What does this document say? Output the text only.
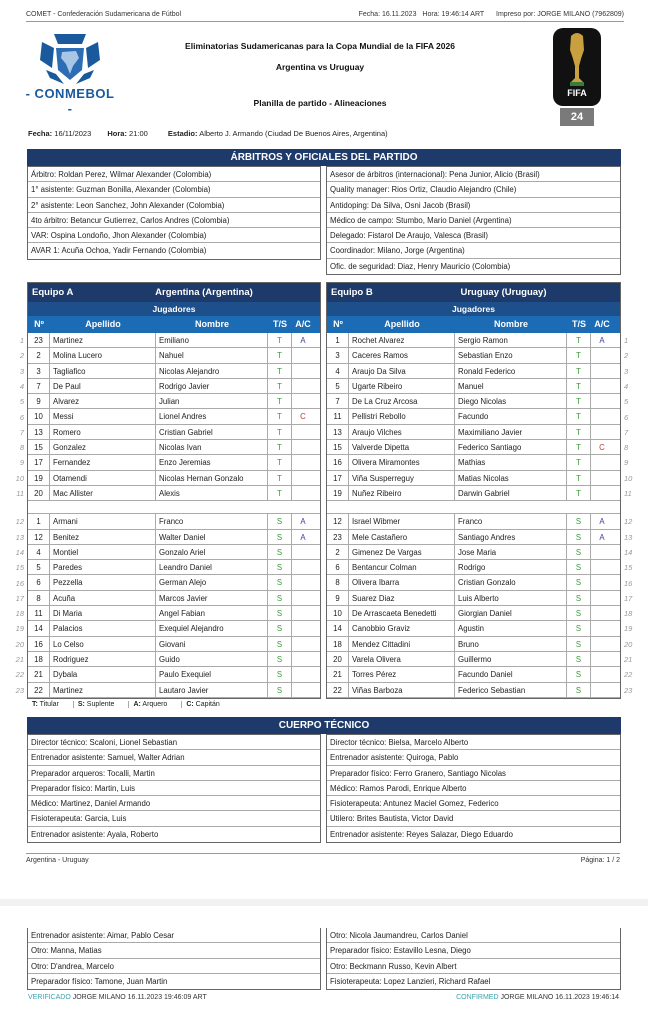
COMET - Confederación Sudamericana de Fútbol	Fecha: 16.11.2023 Hora: 19:46:14 ART Impreso por: JORGE MILANO (7962809)
- CONMEBOL -
FIFA
24
Eliminatorias Sudamericanas para la Copa Mundial de la FIFA 2026
Argentina vs Uruguay
Planilla de partido - Alineaciones
Fecha: 16/11/2023 Hora: 21:00	Estadio: Alberto J. Armando (Ciudad De Buenos Aires, Argentina)
ÁRBITROS Y OFICIALES DEL PARTIDO
Árbitro: Roldan Perez, Wilmar Alexander (Colombia)
1° asistente: Guzman Bonilla, Alexander (Colombia)
2° asistente: Leon Sanchez, John Alexander (Colombia)
4to árbitro: Betancur Gutierrez, Carlos Andres (Colombia)
VAR: Ospina Londoño, Jhon Alexander (Colombia)
AVAR 1: Acuña Ochoa, Yadir Fernando (Colombia)
Asesor de árbitros (internacional): Pena Junior, Alicio (Brasil)
Quality manager: Rios Ortiz, Claudio Alejandro (Chile)
Antidoping: Da Silva, Osni Jacob (Brasil)
Médico de campo: Stumbo, Mario Daniel (Argentina)
Delegado: Fistarol De Araujo, Valesca (Brasil)
Coordinador: Milano, Jorge (Argentina)
Ofic. de seguridad: Diaz, Henry Mauricio (Colombia)
Equipo A	Argentina (Argentina)
Jugadores
Nº	Apellido	Nombre	T/S A/C
23	Martinez	Emiliano	T	A
2	Molina Lucero	Nahuel	T
3	Tagliafico	Nicolas Alejandro	T
7	De Paul	Rodrigo Javier	T
9	Alvarez	Julian	T
10	Messi	Lionel Andres	T	C
13	Romero	Cristian Gabriel	T
15	Gonzalez	Nicolas Ivan	T
17	Fernandez	Enzo Jeremias	T
19	Otamendi	Nicolas Hernan Gonzalo	T
20	Mac Allister	Alexis	T
1	Armani	Franco	S	A
12	Benitez	Walter Daniel	S	A
4	Montiel	Gonzalo Ariel	S
5	Paredes	Leandro Daniel	S
6	Pezzella	German Alejo	S
8	Acuña	Marcos Javier	S
11	Di Maria	Angel Fabian	S
14	Palacios	Exequiel Alejandro	S
16	Lo Celso	Giovani	S
18	Rodriguez	Guido	S
21	Dybala	Paulo Exequiel	S
22	Martinez	Lautaro Javier	S
Equipo B	Uruguay (Uruguay)
Jugadores
Nº	Apellido	Nombre	T/S A/C
1	Rochet Alvarez	Sergio Ramon	T	A
3	Caceres Ramos	Sebastian Enzo	T
4	Araujo Da Silva	Ronald Federico	T
5	Ugarte Ribeiro	Manuel	T
7	De La Cruz Arcosa	Diego Nicolas	T
11	Pellistri Rebollo	Facundo	T
13	Araujo Vilches	Maximiliano Javier	T
15	Valverde Dipetta	Federico Santiago	T	C
16	Olivera Miramontes	Mathias	T
17	Viña Susperreguy	Matias Nicolas	T
19	Nuñez Ribeiro	Darwin Gabriel	T
12	Israel Wibmer	Franco	S	A
23	Mele Castañero	Santiago Andres	S	A
2	Gimenez De Vargas	Jose Maria	S
6	Bentancur Colman	Rodrigo	S
8	Olivera Ibarra	Cristian Gonzalo	S
9	Suarez Diaz	Luis Alberto	S
10	De Arrascaeta Benedetti	Giorgian Daniel	S
14	Canobbio Graviz	Agustin	S
18	Mendez Cittadini	Bruno	S
20	Varela Olivera	Guillermo	S
21	Torres Pérez	Facundo Daniel	S
22	Viñas Barboza	Federico Sebastian	S
1
2
3
4
5
6
7
8
9
10
11
12
13
14
15
16
17
18
19
20
21
22
23
1
2
3
4
5
6
7
8
9
10
11
12
13
14
15
16
17
18
19
20
21
22
23
T: Titular	S: Suplente	A: Arquero	C: Capitán
CUERPO TÉCNICO
Director técnico: Scaloni, Lionel Sebastian
Entrenador asistente: Samuel, Walter Adrian
Preparador arqueros: Tocalli, Martin
Preparador físico: Martin, Luis
Médico: Martinez, Daniel Armando
Fisioterapeuta: Garcia, Luis
Entrenador asistente: Ayala, Roberto
Director técnico: Bielsa, Marcelo Alberto
Entrenador asistente: Quiroga, Pablo
Preparador físico: Ferro Granero, Santiago Nicolas
Médico: Ramos Parodi, Enrique Alberto
Fisioterapeuta: Antunez Maciel Gomez, Federico
Utilero: Brites Bautista, Victor David
Entrenador asistente: Reyes Salazar, Diego Eduardo
Argentina - Uruguay	Página: 1 / 2
Entrenador asistente: Aimar, Pablo Cesar
Otro: Manna, Matias
Otro: D'andrea, Marcelo
Preparador físico: Tamone, Juan Martin
Otro: Nicola Jaumandreu, Carlos Daniel
Preparador físico: Estavillo Lesna, Diego
Otro: Beckmann Russo, Kevin Albert
Fisioterapeuta: Lopez Lanzieri, Richard Rafael
VERIFICADO JORGE MILANO 16.11.2023 19:46:09 ART	CONFIRMED JORGE MILANO 16.11.2023 19:46:14
